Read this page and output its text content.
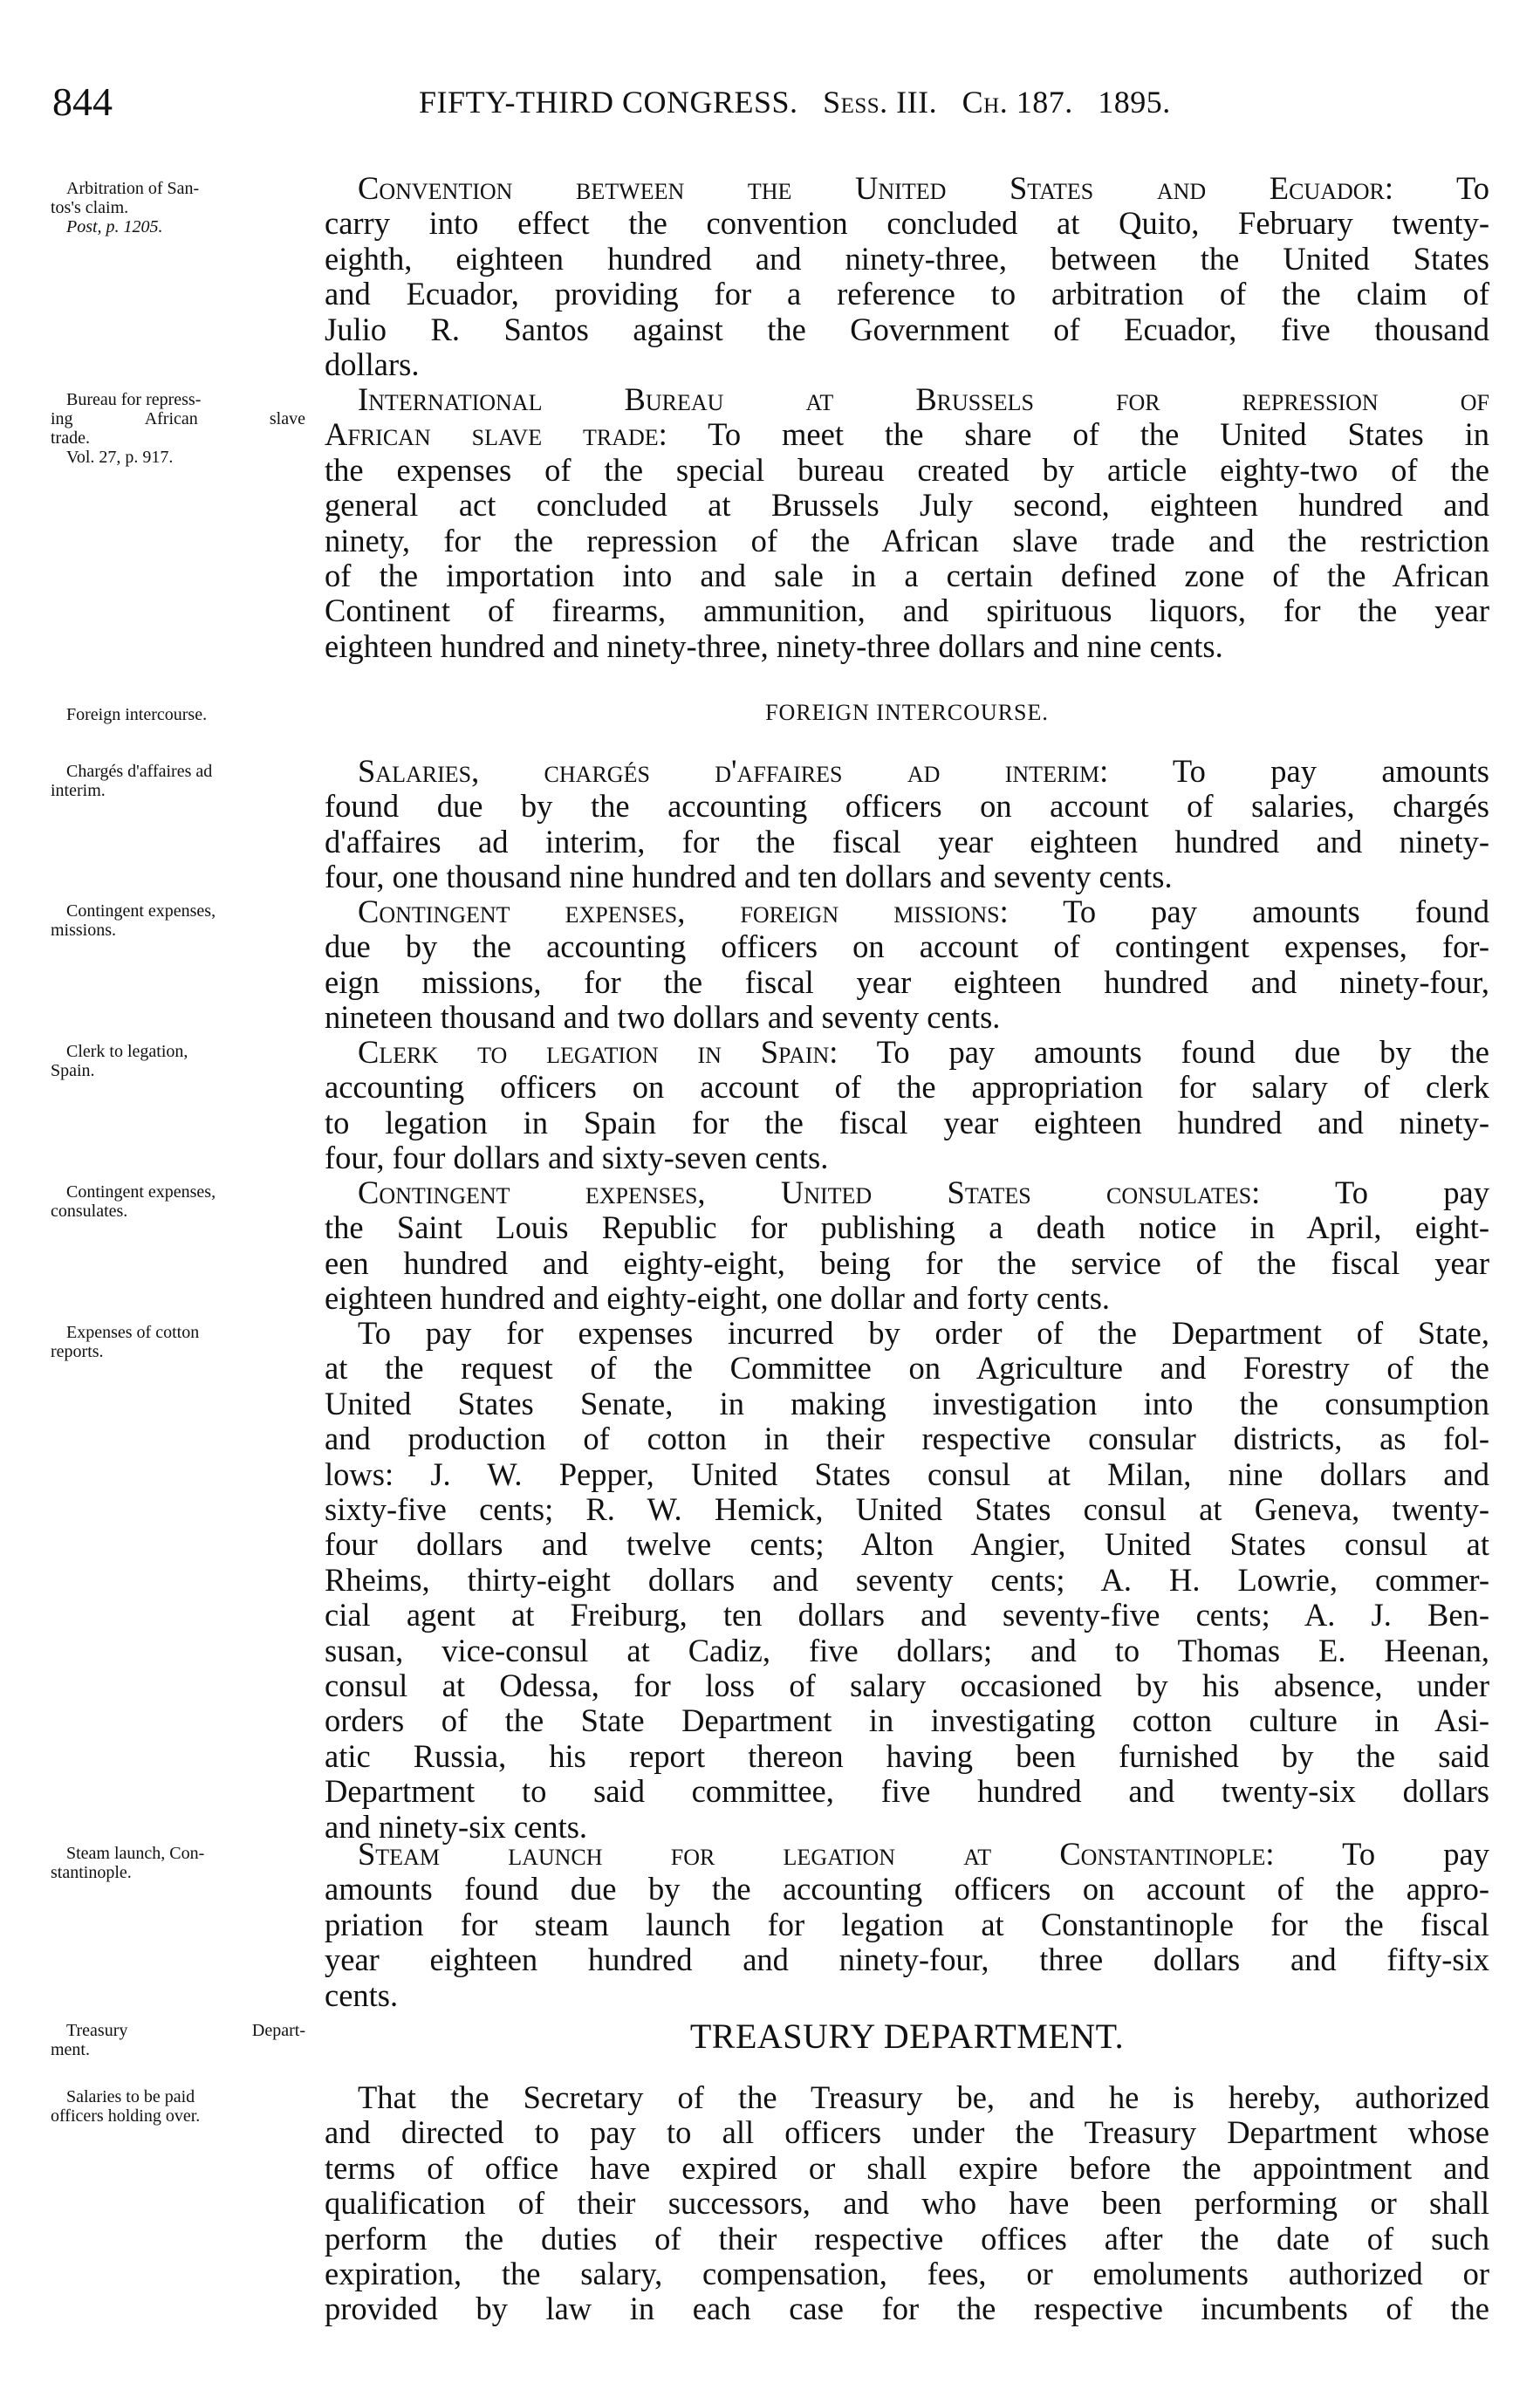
844	FIFTY-THIRD CONGRESS. Sess. III. Ch. 187. 1895.
Arbitration of San-
tos's claim.
Post, p. 1205.
Convention between the United States and Ecuador: To
carry into effect the convention concluded at Quito, February twenty-
eighth, eighteen hundred and ninety-three, between the United States
and Ecuador, providing for a reference to arbitration of the claim of
Julio R. Santos against the Government of Ecuador, five thousand
dollars.
Bureau for repress-
ing	African	slave
trade.
Vol. 27, p. 917.
International Bureau at Brussels for repression of
African slave trade: To meet the share of the United States in
the expenses of the special bureau created by article eighty-two of the
general act concluded at Brussels July second, eighteen hundred and
ninety, for the repression of the African slave trade and the restriction
of the importation into and sale in a certain defined zone of the African
Continent of firearms, ammunition, and spirituous liquors, for the year
eighteen hundred and ninety-three, ninety-three dollars and nine cents.
Foreign intercourse.	FOREIGN INTERCOURSE.
Chargés d'affaires ad
interim.
Salaries, chargés d'affaires ad interim: To pay amounts
found due by the accounting officers on account of salaries, chargés
d'affaires ad interim, for the fiscal year eighteen hundred and ninety-
four, one thousand nine hundred and ten dollars and seventy cents.
Contingent expenses,
missions.
Contingent expenses, foreign missions: To pay amounts found
due by the accounting officers on account of contingent expenses, for-
eign missions, for the fiscal year eighteen hundred and ninety-four,
nineteen thousand and two dollars and seventy cents.
Clerk to legation,
Spain.
Clerk to legation in Spain: To pay amounts found due by the
accounting officers on account of the appropriation for salary of clerk
to legation in Spain for the fiscal year eighteen hundred and ninety-
four, four dollars and sixty-seven cents.
Contingent expenses,
consulates.
Contingent expenses, United States consulates: To pay
the Saint Louis Republic for publishing a death notice in April, eight-
een hundred and eighty-eight, being for the service of the fiscal year
eighteen hundred and eighty-eight, one dollar and forty cents.
Expenses of cotton
reports.
To pay for expenses incurred by order of the Department of State,
at the request of the Committee on Agriculture and Forestry of the
United States Senate, in making investigation into the consumption
and production of cotton in their respective consular districts, as fol-
lows: J. W. Pepper, United States consul at Milan, nine dollars and
sixty-five cents; R. W. Hemick, United States consul at Geneva, twenty-
four dollars and twelve cents; Alton Angier, United States consul at
Rheims, thirty-eight dollars and seventy cents; A. H. Lowrie, commer-
cial agent at Freiburg, ten dollars and seventy-five cents; A. J. Ben-
susan, vice-consul at Cadiz, five dollars; and to Thomas E. Heenan,
consul at Odessa, for loss of salary occasioned by his absence, under
orders of the State Department in investigating cotton culture in Asi-
atic Russia, his report thereon having been furnished by the said
Department to said committee, five hundred and twenty-six dollars
and ninety-six cents.
Steam launch, Con-
stantinople.
Steam launch for legation at Constantinople: To pay
amounts found due by the accounting officers on account of the appro-
priation for steam launch for legation at Constantinople for the fiscal
year eighteen hundred and ninety-four, three dollars and fifty-six
cents.
Treasury	Depart-
ment.	TREASURY DEPARTMENT.
Salaries to be paid
officers holding over.
That the Secretary of the Treasury be, and he is hereby, authorized
and directed to pay to all officers under the Treasury Department whose
terms of office have expired or shall expire before the appointment and
qualification of their successors, and who have been performing or shall
perform the duties of their respective offices after the date of such
expiration, the salary, compensation, fees, or emoluments authorized or
provided by law in each case for the respective incumbents of the
